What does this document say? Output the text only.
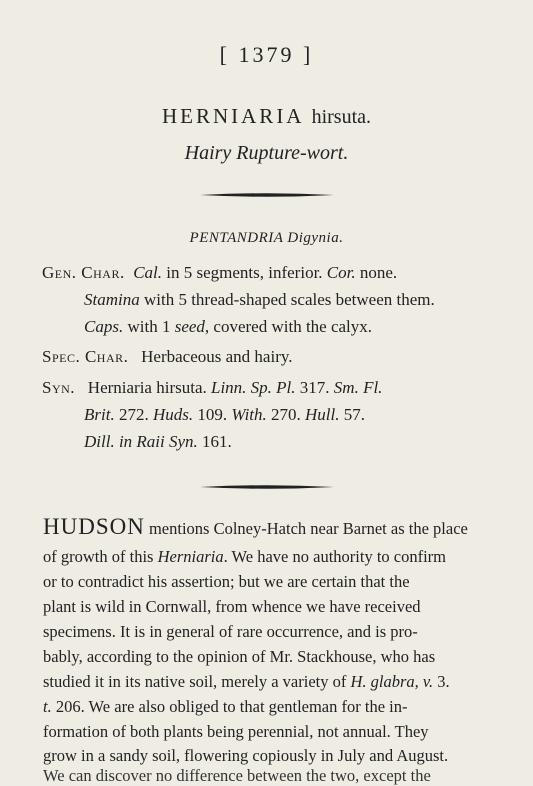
[ 1379 ]
HERNIARIA hirsuta.
Hairy Rupture-wort.
PENTANDRIA Digynia.
Gen. Char. Cal. in 5 segments, inferior. Cor. none.
Stamina with 5 thread-shaped scales between them.
Caps. with 1 seed, covered with the calyx.
Spec. Char. Herbaceous and hairy.
Syn. Herniaria hirsuta. Linn. Sp. Pl. 317. Sm. Fl.
Brit. 272. Huds. 109. With. 270. Hull. 57.
Dill. in Raii Syn. 161.
HUDSON mentions Colney-Hatch near Barnet as the place
of growth of this Herniaria. We have no authority to confirm
or to contradict his assertion; but we are certain that the
plant is wild in Cornwall, from whence we have received
specimens. It is in general of rare occurrence, and is pro-
bably, according to the opinion of Mr. Stackhouse, who has
studied it in its native soil, merely a variety of H. glabra, v. 3.
t. 206. We are also obliged to that gentleman for the in-
formation of both plants being perennial, not annual. They
grow in a sandy soil, flowering copiously in July and August.
We can discover no difference between the two, except the
